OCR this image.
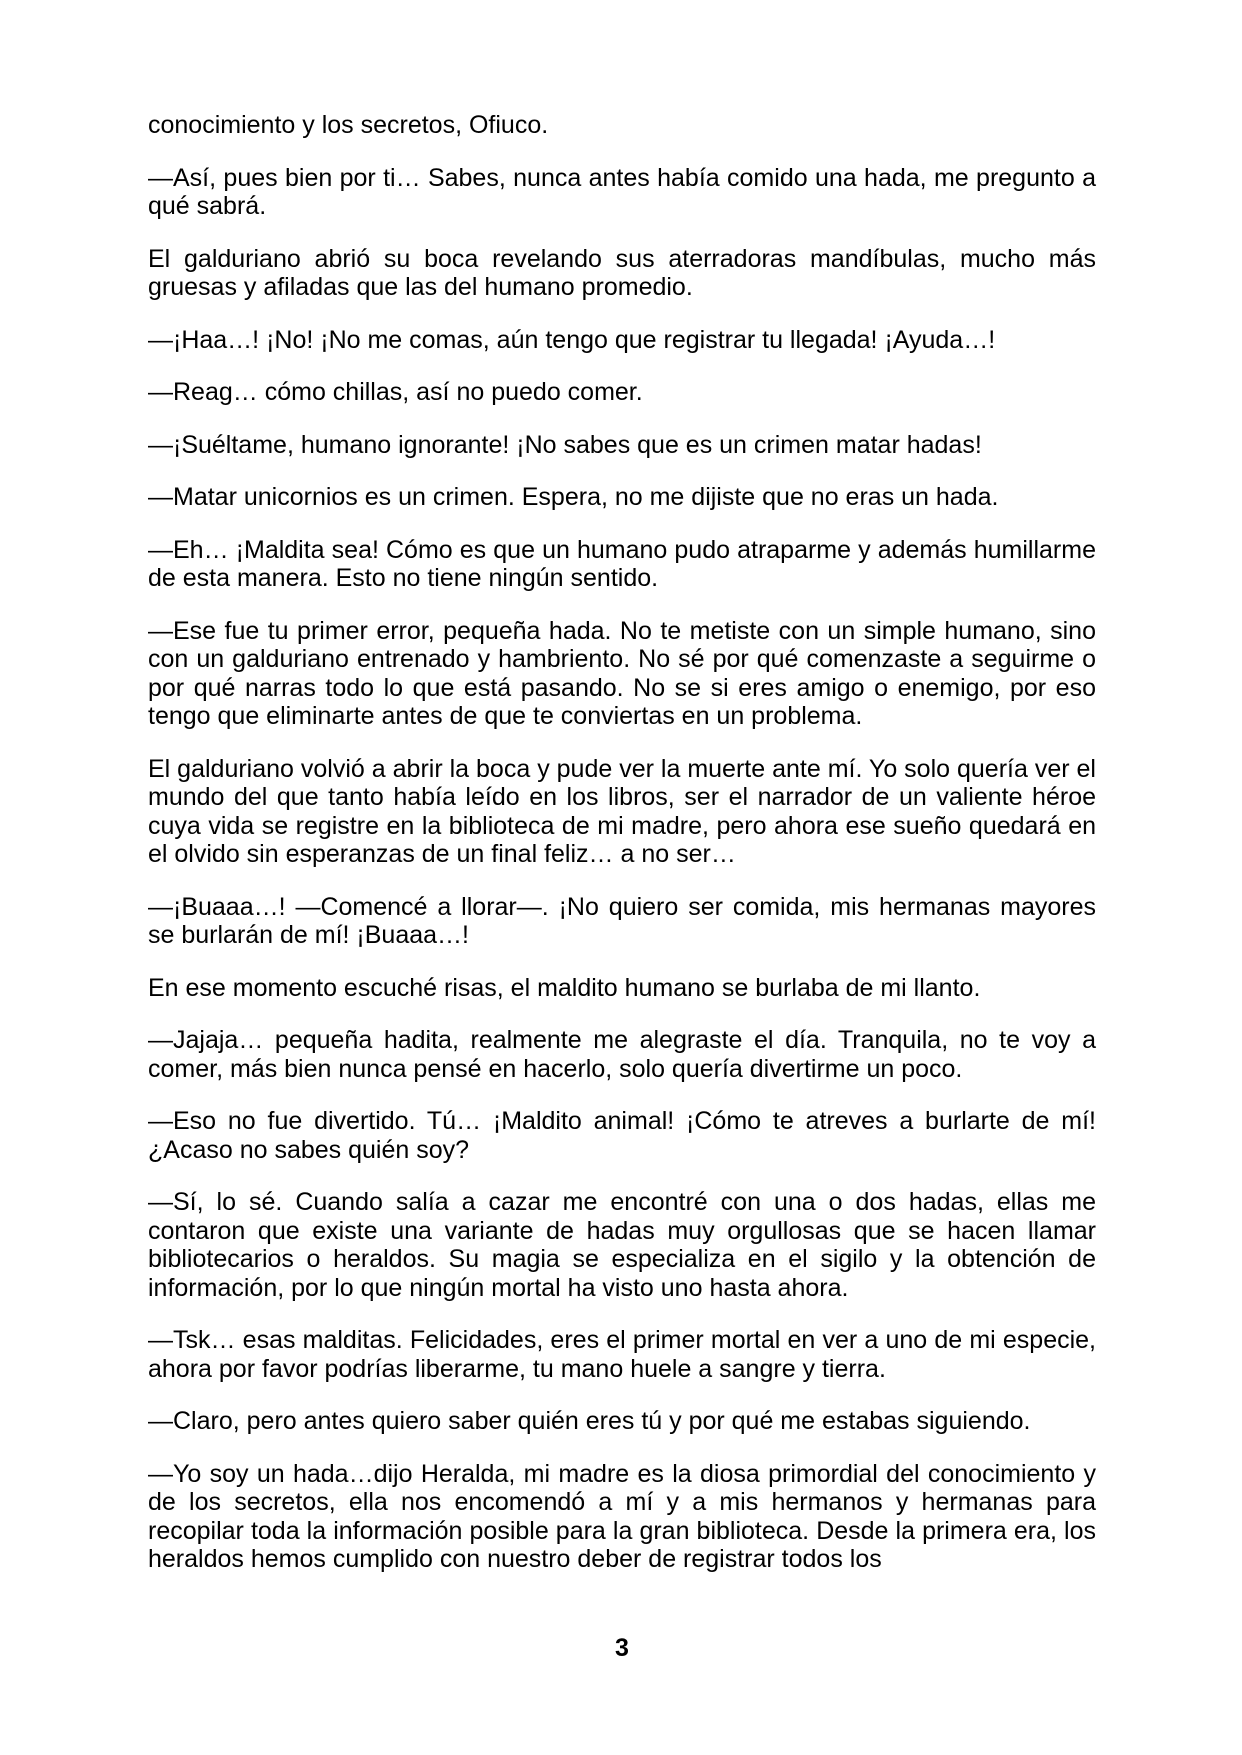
conocimiento y los secretos, Ofiuco.

—Así, pues bien por ti… Sabes, nunca antes había comido una hada, me pregunto a qué sabrá.

El galduriano abrió su boca revelando sus aterradoras mandíbulas, mucho más gruesas y afiladas que las del humano promedio.

—¡Haa…! ¡No! ¡No me comas, aún tengo que registrar tu llegada! ¡Ayuda…!

—Reag… cómo chillas, así no puedo comer.

—¡Suéltame, humano ignorante! ¡No sabes que es un crimen matar hadas!

—Matar unicornios es un crimen. Espera, no me dijiste que no eras un hada.

—Eh… ¡Maldita sea! Cómo es que un humano pudo atraparme y además humillarme de esta manera. Esto no tiene ningún sentido.

—Ese fue tu primer error, pequeña hada. No te metiste con un simple humano, sino con un galduriano entrenado y hambriento. No sé por qué comenzaste a seguirme o por qué narras todo lo que está pasando. No se si eres amigo o enemigo, por eso tengo que eliminarte antes de que te conviertas en un problema.

El galduriano volvió a abrir la boca y pude ver la muerte ante mí. Yo solo quería ver el mundo del que tanto había leído en los libros, ser el narrador de un valiente héroe cuya vida se registre en la biblioteca de mi madre, pero ahora ese sueño quedará en el olvido sin esperanzas de un final feliz… a no ser…

—¡Buaaa…! —Comencé a llorar—. ¡No quiero ser comida, mis hermanas mayores se burlarán de mí! ¡Buaaa…!

En ese momento escuché risas, el maldito humano se burlaba de mi llanto.

—Jajaja… pequeña hadita, realmente me alegraste el día. Tranquila, no te voy a comer, más bien nunca pensé en hacerlo, solo quería divertirme un poco.

—Eso no fue divertido. Tú… ¡Maldito animal! ¡Cómo te atreves a burlarte de mí! ¿Acaso no sabes quién soy?

—Sí, lo sé. Cuando salía a cazar me encontré con una o dos hadas, ellas me contaron que existe una variante de hadas muy orgullosas que se hacen llamar bibliotecarios o heraldos. Su magia se especializa en el sigilo y la obtención de información, por lo que ningún mortal ha visto uno hasta ahora.

—Tsk… esas malditas. Felicidades, eres el primer mortal en ver a uno de mi especie, ahora por favor podrías liberarme, tu mano huele a sangre y tierra.

—Claro, pero antes quiero saber quién eres tú y por qué me estabas siguiendo.

—Yo soy un hada…dijo Heralda, mi madre es la diosa primordial del conocimiento y de los secretos, ella nos encomendó a mí y a mis hermanos y hermanas para recopilar toda la información posible para la gran biblioteca. Desde la primera era, los heraldos hemos cumplido con nuestro deber de registrar todos los

3
